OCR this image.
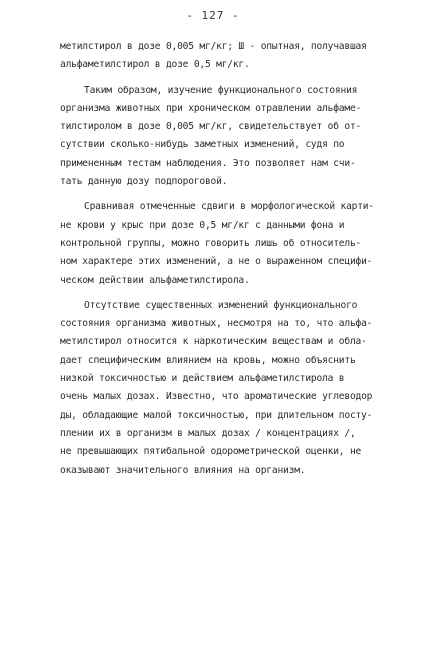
- 127 -

метилстирол в дозе 0,005 мг/кг; Ш - опытная, получавшая
альфаметилстирол в дозе 0,5 мг/кг.

Таким образом, изучение функционального состояния
организма животных при хроническом отравлении альфаме-
тилстиролом в дозе 0,005 мг/кг, свидетельствует об от-
сутствии сколько-нибудь заметных изменений, судя по
примененным тестам наблюдения. Это позволяет нам счи-
тать данную дозу подпороговой.

Сравнивая отмеченные сдвиги в морфологической карти-
не крови у крыс при дозе 0,5 мг/кг с данными фона и
контрольной группы, можно говорить лишь об относитель-
ном характере этих изменений, а не о выраженном специфи-
ческом действии альфаметилстирола.

Отсутствие существенных изменений функционального
состояния организма животных, несмотря на то, что альфа-
метилстирол относится к наркотическим веществам и обла-
дает специфическим влиянием на кровь, можно объяснить
низкой токсичностью и действием альфаметилстирола в
очень малых дозах. Известно, что ароматические углеводор
ды, обладающие малой токсичностью, при длительном посту-
плении их в организм в малых дозах / концентрациях /,
не превышающих пятибальной одорометрической оценки, не
оказывают значительного влияния на организм.
